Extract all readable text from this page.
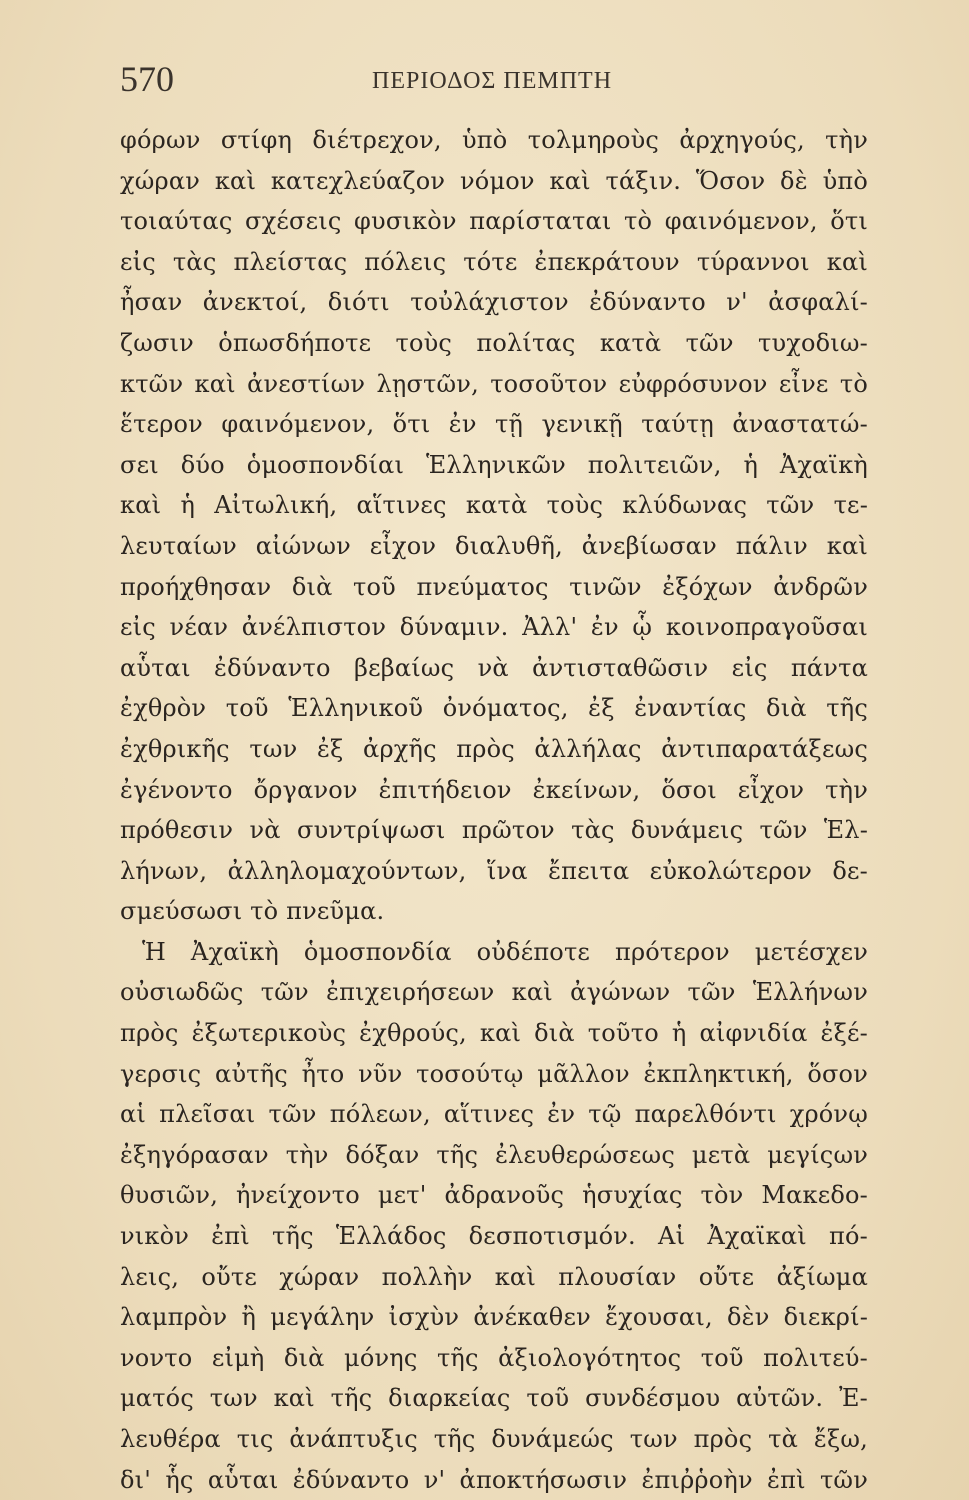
570	ΠΕΡΙΟΔΟΣ ΠΕΜΠΤΗ
φόρων στίφη διέτρεχον, ὑπὸ τολμηροὺς ἀρχηγούς, τὴν
χώραν καὶ κατεχλεύαζον νόμον καὶ τάξιν. Ὅσον δὲ ὑπὸ
τοιαύτας σχέσεις φυσικὸν παρίσταται τὸ φαινόμενον, ὅτι
εἰς τὰς πλείστας πόλεις τότε ἐπεκράτουν τύραννοι καὶ
ἦσαν ἀνεκτοί, διότι τοὐλάχιστον ἐδύναντο ν' ἀσφαλί-
ζωσιν ὁπωσδήποτε τοὺς πολίτας κατὰ τῶν τυχοδιω-
κτῶν καὶ ἀνεστίων λῃστῶν, τοσοῦτον εὐφρόσυνον εἶνε τὸ
ἕτερον φαινόμενον, ὅτι ἐν τῇ γενικῇ ταύτῃ ἀναστατώ-
σει δύο ὁμοσπονδίαι Ἑλληνικῶν πολιτειῶν, ἡ Ἀχαϊκὴ
καὶ ἡ Αἰτωλική, αἵτινες κατὰ τοὺς κλύδωνας τῶν τε-
λευταίων αἰώνων εἶχον διαλυθῆ, ἀνεβίωσαν πάλιν καὶ
προήχθησαν διὰ τοῦ πνεύματος τινῶν ἐξόχων ἀνδρῶν
εἰς νέαν ἀνέλπιστον δύναμιν. Ἀλλ' ἐν ᾧ κοινοπραγοῦσαι
αὗται ἐδύναντο βεβαίως νὰ ἀντισταθῶσιν εἰς πάντα
ἐχθρὸν τοῦ Ἑλληνικοῦ ὀνόματος, ἐξ ἐναντίας διὰ τῆς
ἐχθρικῆς των ἐξ ἀρχῆς πρὸς ἀλλήλας ἀντιπαρατάξεως
ἐγένοντο ὄργανον ἐπιτήδειον ἐκείνων, ὅσοι εἶχον τὴν
πρόθεσιν νὰ συντρίψωσι πρῶτον τὰς δυνάμεις τῶν Ἑλ-
λήνων, ἀλληλομαχούντων, ἵνα ἔπειτα εὐκολώτερον δε-
σμεύσωσι τὸ πνεῦμα.
Ἡ Ἀχαϊκὴ ὁμοσπονδία οὐδέποτε πρότερον μετέσχεν
οὐσιωδῶς τῶν ἐπιχειρήσεων καὶ ἀγώνων τῶν Ἑλλήνων
πρὸς ἐξωτερικοὺς ἐχθρούς, καὶ διὰ τοῦτο ἡ αἰφνιδία ἐξέ-
γερσις αὐτῆς ἦτο νῦν τοσούτῳ μᾶλλον ἐκπληκτική, ὅσον
αἱ πλεῖσαι τῶν πόλεων, αἵτινες ἐν τῷ παρελθόντι χρόνῳ
ἐξηγόρασαν τὴν δόξαν τῆς ἐλευθερώσεως μετὰ μεγίςων
θυσιῶν, ἠνείχοντο μετ' ἀδρανοῦς ἡσυχίας τὸν Μακεδο-
νικὸν ἐπὶ τῆς Ἑλλάδος δεσποτισμόν. Αἱ Ἀχαϊκαὶ πό-
λεις, οὔτε χώραν πολλὴν καὶ πλουσίαν οὔτε ἀξίωμα
λαμπρὸν ἢ μεγάλην ἰσχὺν ἀνέκαθεν ἔχουσαι, δὲν διεκρί-
νοντο εἰμὴ διὰ μόνης τῆς ἀξιολογότητος τοῦ πολιτεύ-
ματός των καὶ τῆς διαρκείας τοῦ συνδέσμου αὐτῶν. Ἐ-
λευθέρα τις ἀνάπτυξις τῆς δυνάμεώς των πρὸς τὰ ἔξω,
δι' ἧς αὗται ἐδύναντο ν' ἀποκτήσωσιν ἐπιῤῥοὴν ἐπὶ τῶν
